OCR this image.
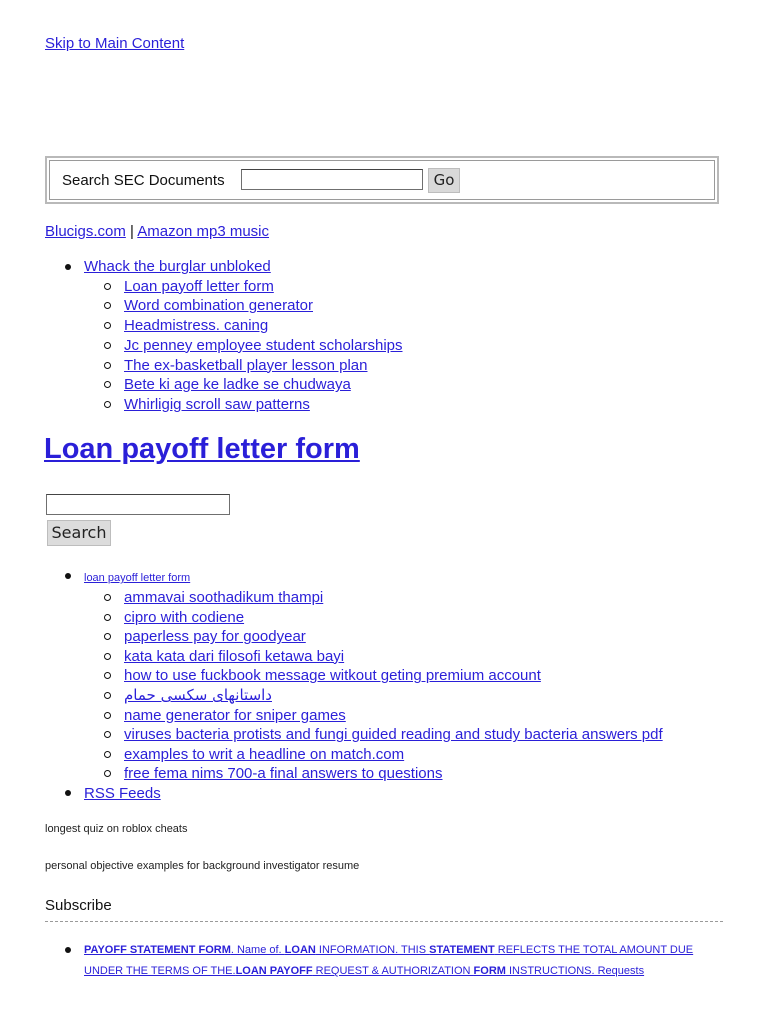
Skip to Main Content
Search SEC Documents	Go
Blucigs.com | Amazon mp3 music
Whack the burglar unbloked
Loan payoff letter form
Word combination generator
Headmistress. caning
Jc penney employee student scholarships
The ex-basketball player lesson plan
Bete ki age ke ladke se chudwaya
Whirligig scroll saw patterns
Loan payoff letter form
Search
loan payoff letter form
ammavai soothadikum thampi
cipro with codiene
paperless pay for goodyear
kata kata dari filosofi ketawa bayi
how to use fuckbook message witkout geting premium account
داستانهای سکسی حمام
name generator for sniper games
viruses bacteria protists and fungi guided reading and study bacteria answers pdf
examples to writ a headline on match.com
free fema nims 700-a final answers to questions
RSS Feeds
longest quiz on roblox cheats
personal objective examples for background investigator resume
Subscribe
PAYOFF STATEMENT FORM. Name of. LOAN INFORMATION. THIS STATEMENT REFLECTS THE TOTAL AMOUNT DUE UNDER THE TERMS OF THE.LOAN PAYOFF REQUEST & AUTHORIZATION FORM INSTRUCTIONS. Requests
